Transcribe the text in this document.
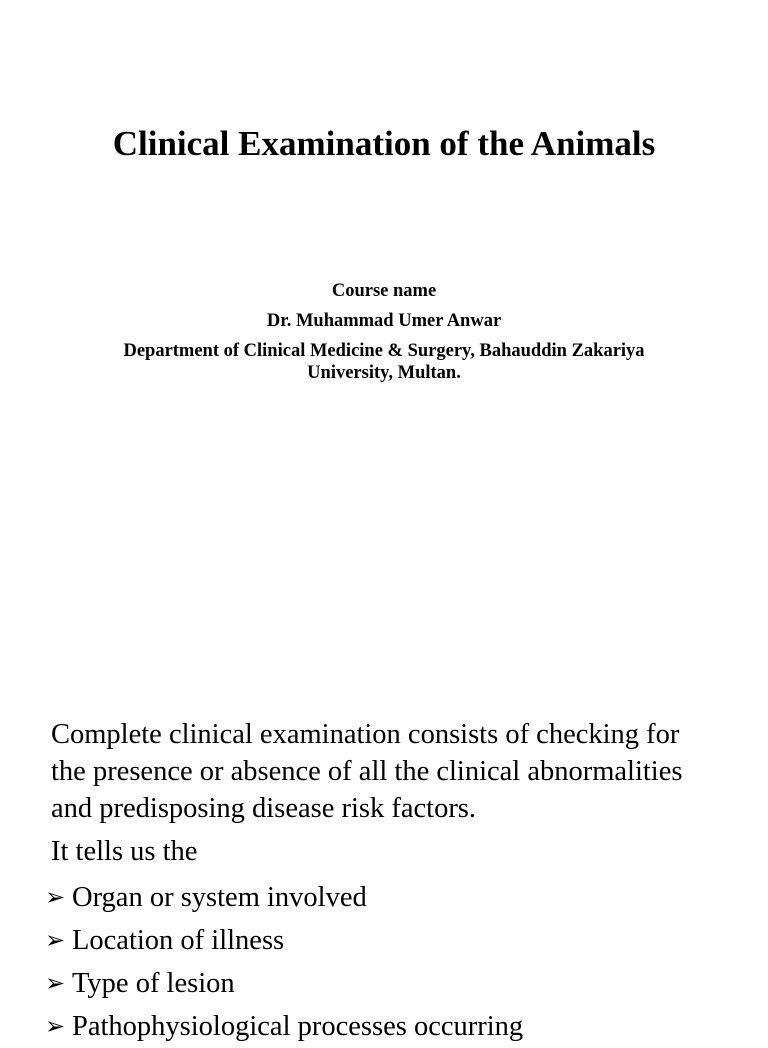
Clinical Examination of the Animals
Course name
Dr. Muhammad Umer Anwar
Department of Clinical Medicine & Surgery, Bahauddin Zakariya
University, Multan.

Complete clinical examination consists of checking for the presence or absence of all the clinical abnormalities and predisposing disease risk factors.

It tells us the

➢ Organ or system involved
➢ Location of illness
➢ Type of lesion
➢ Pathophysiological processes occurring
